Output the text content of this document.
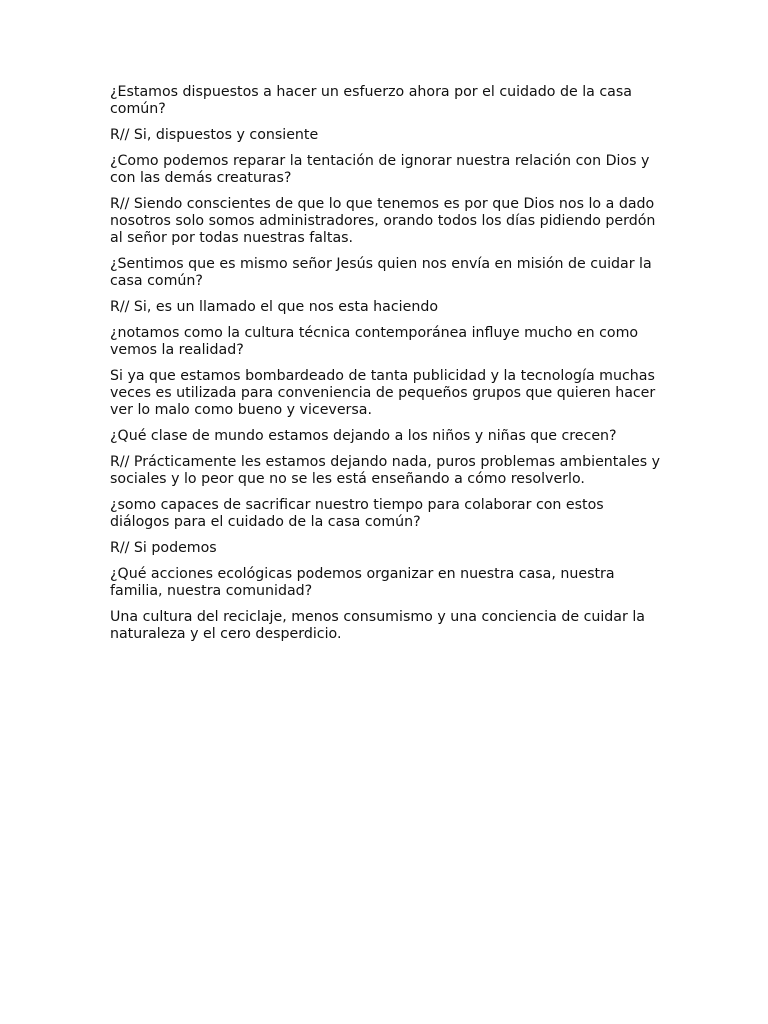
¿Estamos dispuestos a hacer un esfuerzo ahora por el cuidado de la casa común?

R// Si, dispuestos y consiente

¿Como podemos reparar la tentación de ignorar nuestra relación con Dios y con las demás creaturas?

R// Siendo conscientes de que lo que tenemos es por que Dios nos lo a dado nosotros solo somos administradores, orando todos los días pidiendo perdón al señor por todas nuestras faltas.

¿Sentimos que es mismo señor Jesús quien nos envía en misión de cuidar la casa común?

R// Si, es un llamado el que nos esta haciendo

¿notamos como la cultura técnica contemporánea influye mucho en como vemos la realidad?

Si ya que estamos bombardeado de tanta publicidad y la tecnología muchas veces es utilizada para conveniencia de pequeños grupos que quieren hacer ver lo malo como bueno y viceversa.

¿Qué clase de mundo estamos dejando a los niños y niñas que crecen?

R// Prácticamente les estamos dejando nada, puros problemas ambientales y sociales y lo peor que no se les está enseñando a cómo resolverlo.

¿somo capaces de sacrificar nuestro tiempo para colaborar con estos diálogos para el cuidado de la casa común?

R// Si podemos

¿Qué acciones ecológicas podemos organizar en nuestra casa, nuestra familia, nuestra comunidad?

Una cultura del reciclaje, menos consumismo y una conciencia de cuidar la naturaleza y el cero desperdicio.
